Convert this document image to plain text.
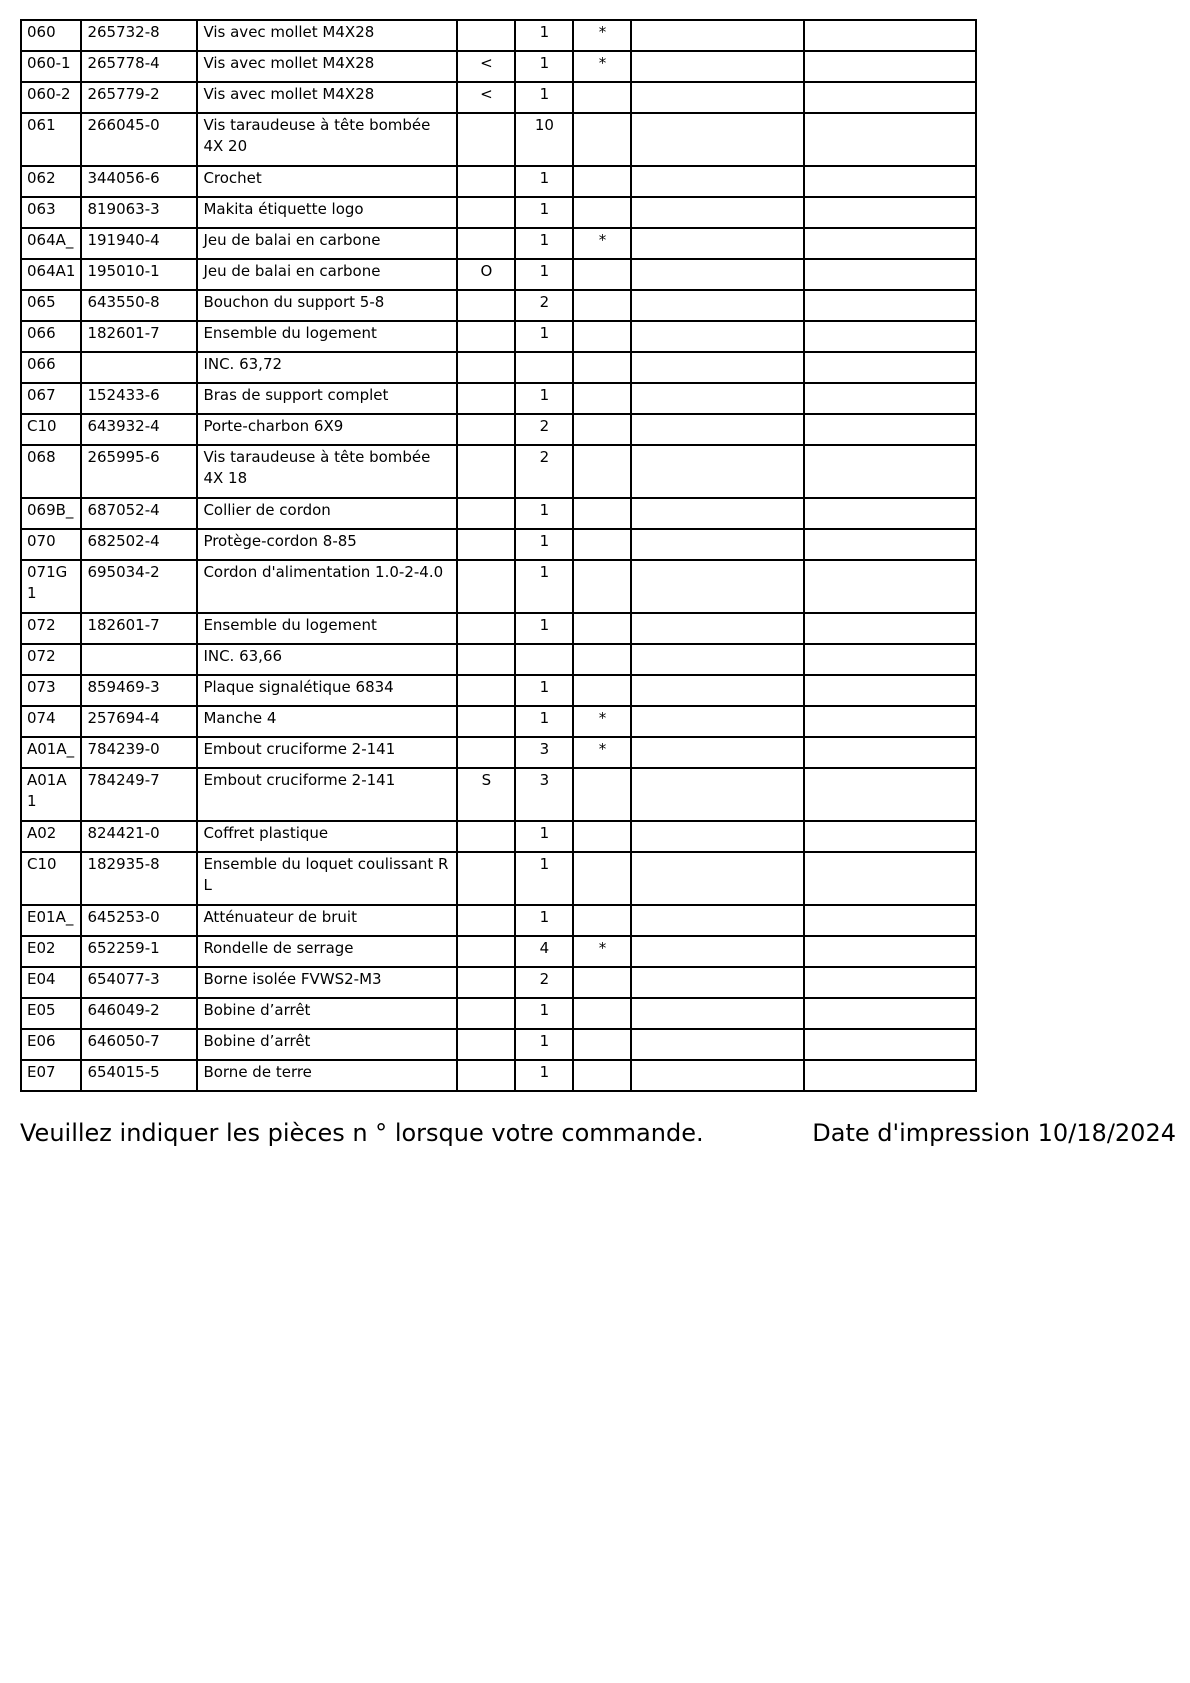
060	265732-8	Vis avec mollet M4X28		1	*		
060-1	265778-4	Vis avec mollet M4X28	<	1	*		
060-2	265779-2	Vis avec mollet M4X28	<	1			
061	266045-0	Vis taraudeuse à tête bombée 4X 20		10			
062	344056-6	Crochet		1			
063	819063-3	Makita étiquette logo		1			
064A_	191940-4	Jeu de balai en carbone		1	*		
064A1	195010-1	Jeu de balai en carbone	O	1			
065	643550-8	Bouchon du support 5-8		2			
066	182601-7	Ensemble du logement		1			
066		INC. 63,72					
067	152433-6	Bras de support complet		1			
C10	643932-4	Porte-charbon 6X9		2			
068	265995-6	Vis taraudeuse à tête bombée 4X 18		2			
069B_	687052-4	Collier de cordon		1			
070	682502-4	Protège-cordon 8-85		1			
071G 1	695034-2	Cordon d'alimentation 1.0-2-4.0		1			
072	182601-7	Ensemble du logement		1			
072		INC. 63,66					
073	859469-3	Plaque signalétique 6834		1			
074	257694-4	Manche 4		1	*		
A01A_	784239-0	Embout cruciforme 2-141		3	*		
A01A 1	784249-7	Embout cruciforme 2-141	S	3			
A02	824421-0	Coffret plastique		1			
C10	182935-8	Ensemble du loquet coulissant R L		1			
E01A_	645253-0	Atténuateur de bruit		1			
E02	652259-1	Rondelle de serrage		4	*		
E04	654077-3	Borne isolée FVWS2-M3		2			
E05	646049-2	Bobine d’arrêt		1			
E06	646050-7	Bobine d’arrêt		1			
E07	654015-5	Borne de terre		1			
Veuillez indiquer les pièces n ° lorsque votre commande.	Date d'impression 10/18/2024
